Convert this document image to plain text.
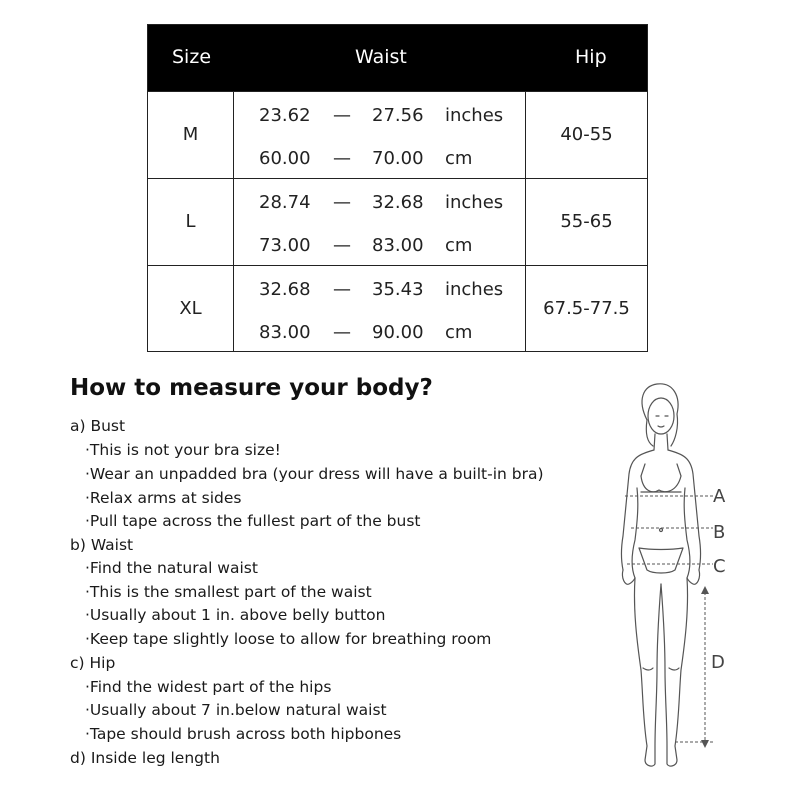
Size	Waist	Hip
M
23.62 — 27.56 inches
60.00 — 70.00 cm
40-55
L
28.74 — 32.68 inches
73.00 — 83.00 cm
55-65
XL
32.68 — 35.43 inches
83.00 — 90.00 cm
67.5-77.5
How to measure your body?
a) Bust
·This is not your bra size!
·Wear an unpadded bra (your dress will have a built-in bra)
·Relax arms at sides
·Pull tape across the fullest part of the bust
b) Waist
·Find the natural waist
·This is the smallest part of the waist
·Usually about 1 in. above belly button
·Keep tape slightly loose to allow for breathing room
c) Hip
·Find the widest part of the hips
·Usually about 7 in.below natural waist
·Tape should brush across both hipbones
d) Inside leg length
A
B
C
D
